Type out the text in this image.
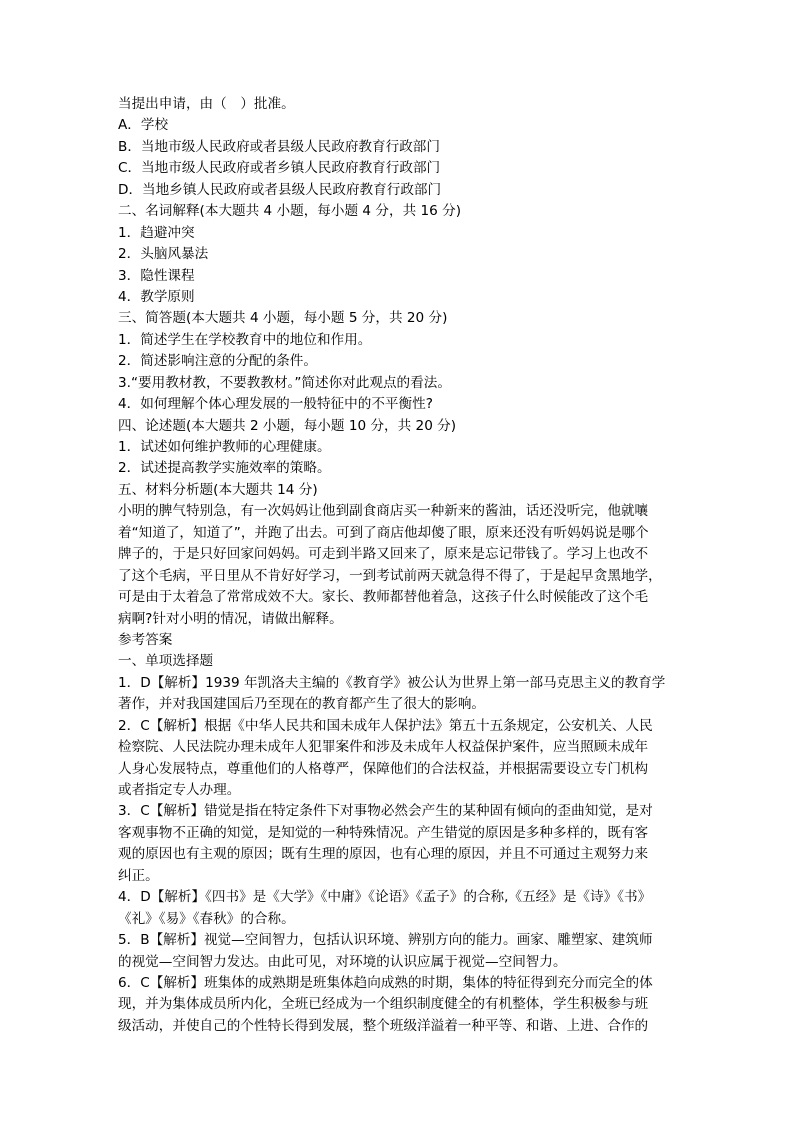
当提出申请，由（　）批准。
A．学校
B．当地市级人民政府或者县级人民政府教育行政部门
C．当地市级人民政府或者乡镇人民政府教育行政部门
D．当地乡镇人民政府或者县级人民政府教育行政部门
二、名词解释(本大题共 4 小题，每小题 4 分，共 16 分)
1．趋避冲突
2．头脑风暴法
3．隐性课程
4．教学原则
三、简答题(本大题共 4 小题，每小题 5 分，共 20 分)
1．简述学生在学校教育中的地位和作用。
2．简述影响注意的分配的条件。
3.“要用教材教，不要教教材。”简述你对此观点的看法。
4．如何理解个体心理发展的一般特征中的不平衡性?
四、论述题(本大题共 2 小题，每小题 10 分，共 20 分)
1．试述如何维护教师的心理健康。
2．试述提高教学实施效率的策略。
五、材料分析题(本大题共 14 分)
小明的脾气特别急，有一次妈妈让他到副食商店买一种新来的酱油，话还没听完，他就嚷
着“知道了，知道了”，并跑了出去。可到了商店他却傻了眼，原来还没有听妈妈说是哪个
牌子的，于是只好回家问妈妈。可走到半路又回来了，原来是忘记带钱了。学习上也改不
了这个毛病，平日里从不肯好好学习，一到考试前两天就急得不得了，于是起早贪黑地学，
可是由于太着急了常常成效不大。家长、教师都替他着急，这孩子什么时候能改了这个毛
病啊?针对小明的情况，请做出解释。
参考答案
一、单项选择题
1．D【解析】1939 年凯洛夫主编的《教育学》被公认为世界上第一部马克思主义的教育学
著作，并对我国建国后乃至现在的教育都产生了很大的影响。
2．C【解析】根据《中华人民共和国未成年人保护法》第五十五条规定，公安机关、人民
检察院、人民法院办理未成年人犯罪案件和涉及未成年人权益保护案件，应当照顾未成年
人身心发展特点，尊重他们的人格尊严，保障他们的合法权益，并根据需要设立专门机构
或者指定专人办理。
3．C【解析】错觉是指在特定条件下对事物必然会产生的某种固有倾向的歪曲知觉，是对
客观事物不正确的知觉，是知觉的一种特殊情况。产生错觉的原因是多种多样的，既有客
观的原因也有主观的原因；既有生理的原因，也有心理的原因，并且不可通过主观努力来
纠正。
4．D【解析】《四书》是《大学》《中庸》《论语》《孟子》的合称,《五经》是《诗》《书》
《礼》《易》《春秋》的合称。
5．B【解析】视觉—空间智力，包括认识环境、辨别方向的能力。画家、雕塑家、建筑师
的视觉—空间智力发达。由此可见，对环境的认识应属于视觉—空间智力。
6．C【解析】班集体的成熟期是班集体趋向成熟的时期，集体的特征得到充分而完全的体
现，并为集体成员所内化，全班已经成为一个组织制度健全的有机整体，学生积极参与班
级活动，并使自己的个性特长得到发展，整个班级洋溢着一种平等、和谐、上进、合作的
